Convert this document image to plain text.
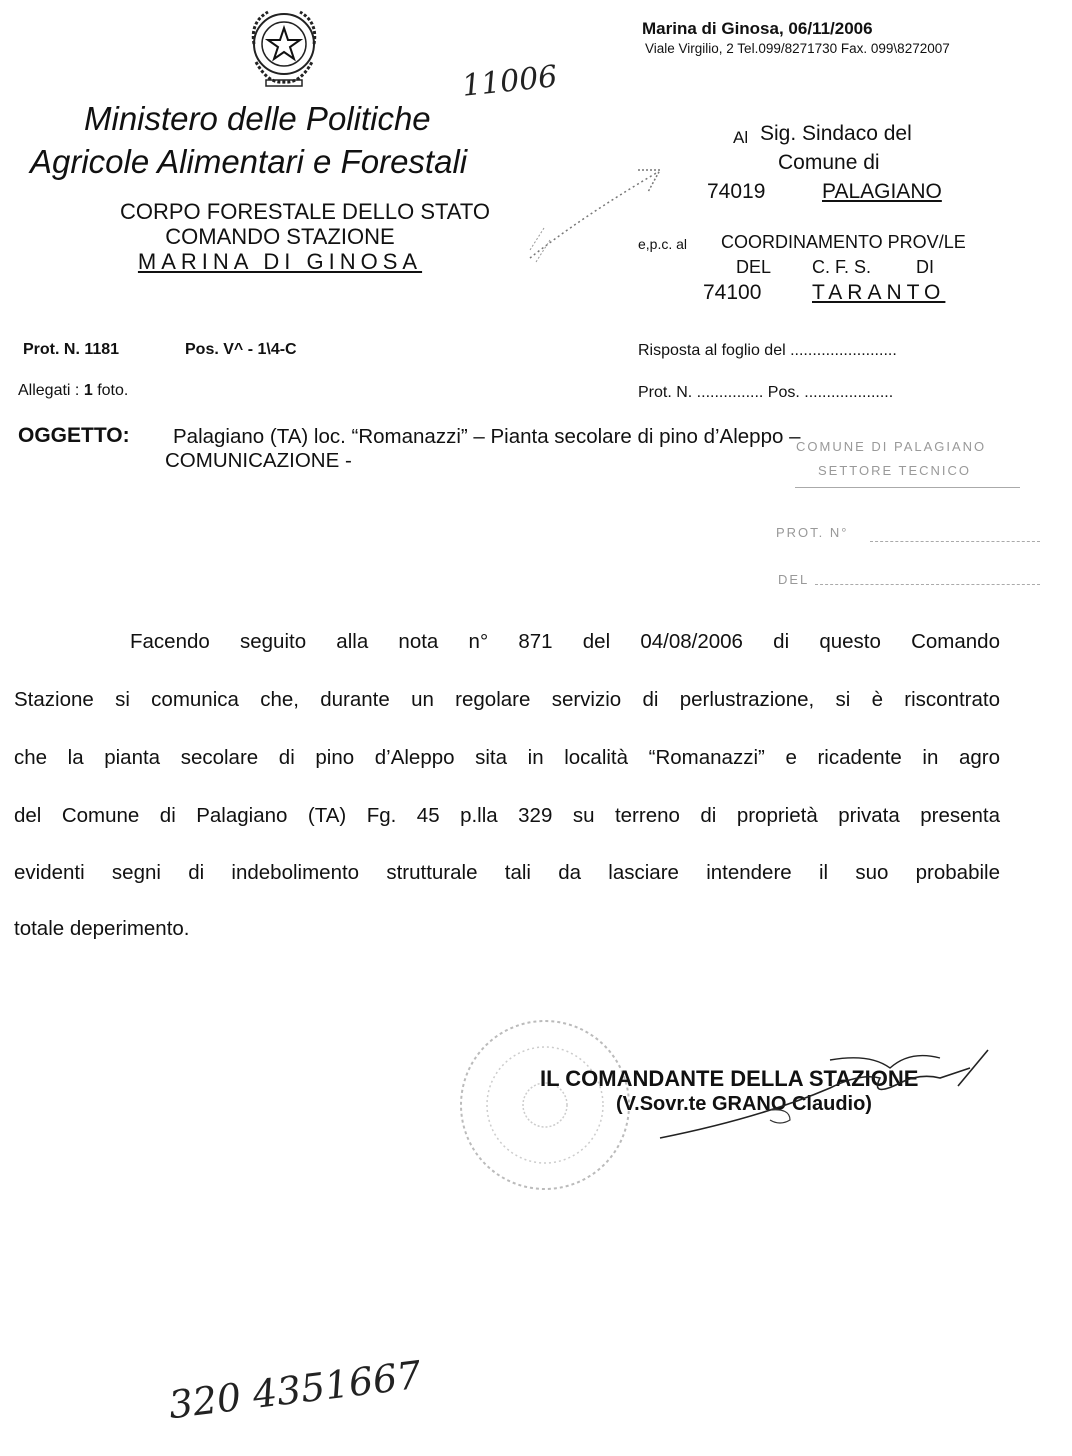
Ministero delle Politiche
Agricole Alimentari e Forestali
CORPO FORESTALE DELLO STATO
COMANDO STAZIONE
MARINA DI GINOSA
11006
Marina di Ginosa, 06/11/2006
Viale Virgilio, 2 Tel.099/8271730 Fax. 099\8272007
Al Sig. Sindaco del
Comune di
74019	PALAGIANO
e,p.c. al COORDINAMENTO PROV/LE
DEL C. F. S. DI
74100 TARANTO
Prot. N. 1181	Pos. V^ - 1\4-C
Allegati : 1 foto.
Risposta al foglio del ........................
Prot. N. ............... Pos. ....................
OGGETTO: Palagiano (TA) loc. “Romanazzi” – Pianta secolare di pino d’Aleppo –
COMUNICAZIONE -
COMUNE DI PALAGIANO
SETTORE TECNICO
PROT. N°
DEL
Facendo seguito alla nota n° 871 del 04/08/2006 di questo Comando
Stazione si comunica che, durante un regolare servizio di perlustrazione, si è riscontrato
che la pianta secolare di pino d’Aleppo sita in località “Romanazzi” e ricadente in agro
del Comune di Palagiano (TA) Fg. 45 p.lla 329 su terreno di proprietà privata presenta
evidenti segni di indebolimento strutturale tali da lasciare intendere il suo probabile
totale deperimento.
IL COMANDANTE DELLA STAZIONE
(V.Sovr.te GRANO Claudio)
320 4351667
